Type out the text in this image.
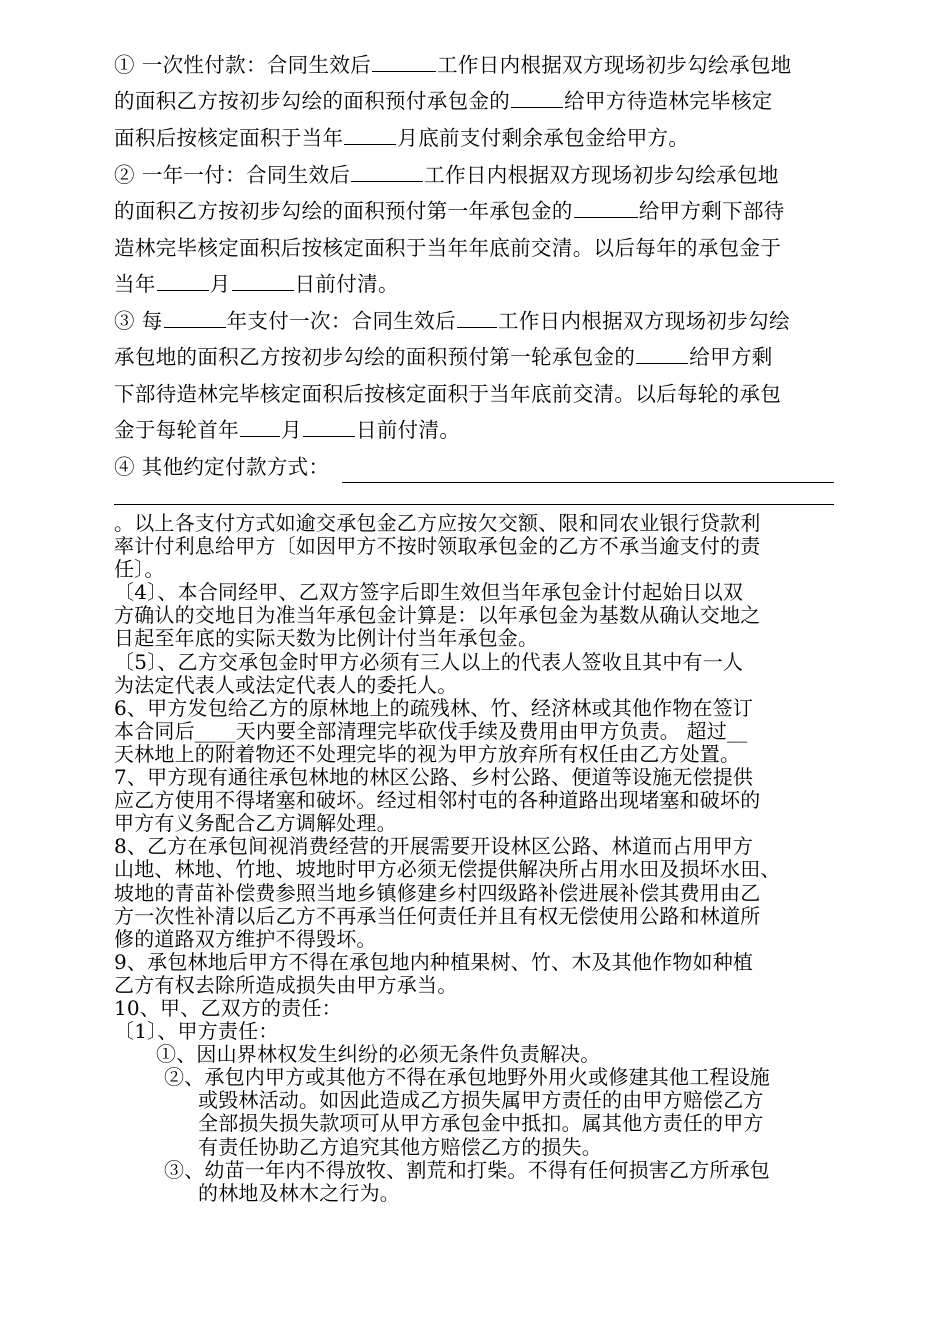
① 一次性付款：合同生效后	工作日内根据双方现场初步勾绘承包地
的面积乙方按初步勾绘的面积预付承包金的	给甲方待造林完毕核定
面积后按核定面积于当年	月底前支付剩余承包金给甲方。
② 一年一付：合同生效后	工作日内根据双方现场初步勾绘承包地
的面积乙方按初步勾绘的面积预付第一年承包金的	给甲方剩下部待
造林完毕核定面积后按核定面积于当年年底前交清。以后每年的承包金于
当年	月	日前付清。
③ 每	年支付一次：合同生效后 工作日内根据双方现场初步勾绘
承包地的面积乙方按初步勾绘的面积预付第一轮承包金的	给甲方剩
下部待造林完毕核定面积后按核定面积于当年底前交清。以后每轮的承包
金于每轮首年 月	日前付清。
④ 其他约定付款方式：
。以上各支付方式如逾交承包金乙方应按欠交额、限和同农业银行贷款利
率计付利息给甲方〔如因甲方不按时领取承包金的乙方不承当逾支付的责
任〕。
〔4〕、本合同经甲、乙双方签字后即生效但当年承包金计付起始日以双
方确认的交地日为准当年承包金计算是：以年承包金为基数从确认交地之
日起至年底的实际天数为比例计付当年承包金。
〔5〕、乙方交承包金时甲方必须有三人以上的代表人签收且其中有一人
为法定代表人或法定代表人的委托人。
6、甲方发包给乙方的原林地上的疏残林、竹、经济林或其他作物在签订
本合同后____天内要全部清理完毕砍伐手续及费用由甲方负责。 超过__
天林地上的附着物还不处理完毕的视为甲方放弃所有权任由乙方处置。
7、甲方现有通往承包林地的林区公路、乡村公路、便道等设施无偿提供
应乙方使用不得堵塞和破坏。经过相邻村屯的各种道路出现堵塞和破坏的
甲方有义务配合乙方调解处理。
8、乙方在承包间视消费经营的开展需要开设林区公路、林道而占用甲方
山地、林地、竹地、坡地时甲方必须无偿提供解决所占用水田及损坏水田、
坡地的青苗补偿费参照当地乡镇修建乡村四级路补偿进展补偿其费用由乙
方一次性补清以后乙方不再承当任何责任并且有权无偿使用公路和林道所
修的道路双方维护不得毁坏。
9、承包林地后甲方不得在承包地内种植果树、竹、木及其他作物如种植
乙方有权去除所造成损失由甲方承当。
10、甲、乙双方的责任：
〔1〕、甲方责任：
①、因山界林权发生纠纷的必须无条件负责解决。
②、承包内甲方或其他方不得在承包地野外用火或修建其他工程设施
或毁林活动。如因此造成乙方损失属甲方责任的由甲方赔偿乙方
全部损失损失款项可从甲方承包金中抵扣。属其他方责任的甲方
有责任协助乙方追究其他方赔偿乙方的损失。
③、幼苗一年内不得放牧、割荒和打柴。不得有任何损害乙方所承包
的林地及林木之行为。
